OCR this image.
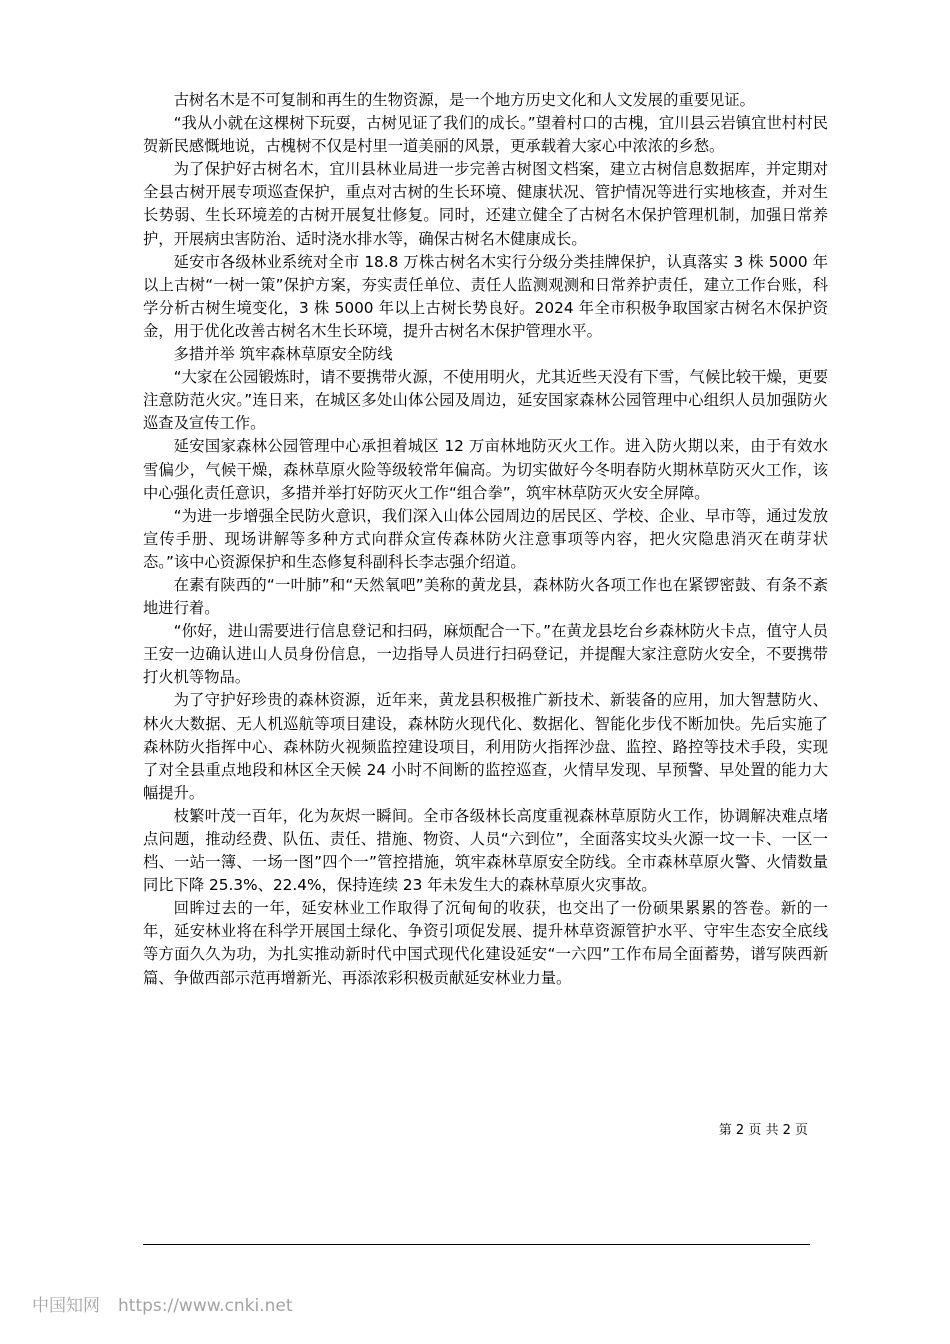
古树名木是不可复制和再生的生物资源，是一个地方历史文化和人文发展的重要见证。

“我从小就在这棵树下玩耍，古树见证了我们的成长。”望着村口的古槐，宜川县云岩镇宜世村村民贺新民感慨地说，古槐树不仅是村里一道美丽的风景，更承载着大家心中浓浓的乡愁。

为了保护好古树名木，宜川县林业局进一步完善古树图文档案，建立古树信息数据库，并定期对全县古树开展专项巡查保护，重点对古树的生长环境、健康状况、管护情况等进行实地核查，并对生长势弱、生长环境差的古树开展复壮修复。同时，还建立健全了古树名木保护管理机制，加强日常养护，开展病虫害防治、适时浇水排水等，确保古树名木健康成长。

延安市各级林业系统对全市 18.8 万株古树名木实行分级分类挂牌保护，认真落实 3 株 5000 年以上古树“一树一策”保护方案，夯实责任单位、责任人监测观测和日常养护责任，建立工作台账，科学分析古树生境变化，3 株 5000 年以上古树长势良好。2024 年全市积极争取国家古树名木保护资金，用于优化改善古树名木生长环境，提升古树名木保护管理水平。

多措并举 筑牢森林草原安全防线

“大家在公园锻炼时，请不要携带火源，不使用明火，尤其近些天没有下雪，气候比较干燥，更要注意防范火灾。”连日来，在城区多处山体公园及周边，延安国家森林公园管理中心组织人员加强防火巡查及宣传工作。

延安国家森林公园管理中心承担着城区 12 万亩林地防灭火工作。进入防火期以来，由于有效水雪偏少，气候干燥，森林草原火险等级较常年偏高。为切实做好今冬明春防火期林草防灭火工作，该中心强化责任意识，多措并举打好防灭火工作“组合拳”，筑牢林草防灭火安全屏障。

“为进一步增强全民防火意识，我们深入山体公园周边的居民区、学校、企业、早市等，通过发放宣传手册、现场讲解等多种方式向群众宣传森林防火注意事项等内容，把火灾隐患消灭在萌芽状态。”该中心资源保护和生态修复科副科长李志强介绍道。

在素有陕西的“一叶肺”和“天然氧吧”美称的黄龙县，森林防火各项工作也在紧锣密鼓、有条不紊地进行着。

“你好，进山需要进行信息登记和扫码，麻烦配合一下。”在黄龙县圪台乡森林防火卡点，值守人员王安一边确认进山人员身份信息，一边指导人员进行扫码登记，并提醒大家注意防火安全，不要携带打火机等物品。

为了守护好珍贵的森林资源，近年来，黄龙县积极推广新技术、新装备的应用，加大智慧防火、林火大数据、无人机巡航等项目建设，森林防火现代化、数据化、智能化步伐不断加快。先后实施了森林防火指挥中心、森林防火视频监控建设项目，利用防火指挥沙盘、监控、路控等技术手段，实现了对全县重点地段和林区全天候 24 小时不间断的监控巡查，火情早发现、早预警、早处置的能力大幅提升。

枝繁叶茂一百年，化为灰烬一瞬间。全市各级林长高度重视森林草原防火工作，协调解决难点堵点问题，推动经费、队伍、责任、措施、物资、人员“六到位”，全面落实坟头火源一坟一卡、一区一档、一站一簿、一场一图”四个一”管控措施，筑牢森林草原安全防线。全市森林草原火警、火情数量同比下降 25.3%、22.4%，保持连续 23 年未发生大的森林草原火灾事故。

回眸过去的一年，延安林业工作取得了沉甸甸的收获，也交出了一份硕果累累的答卷。新的一年，延安林业将在科学开展国土绿化、争资引项促发展、提升林草资源管护水平、守牢生态安全底线等方面久久为功，为扎实推动新时代中国式现代化建设延安“一六四”工作布局全面蓄势，谱写陕西新篇、争做西部示范再增新光、再添浓彩积极贡献延安林业力量。

第 2 页 共 2 页
中国知网 https://www.cnki.net
